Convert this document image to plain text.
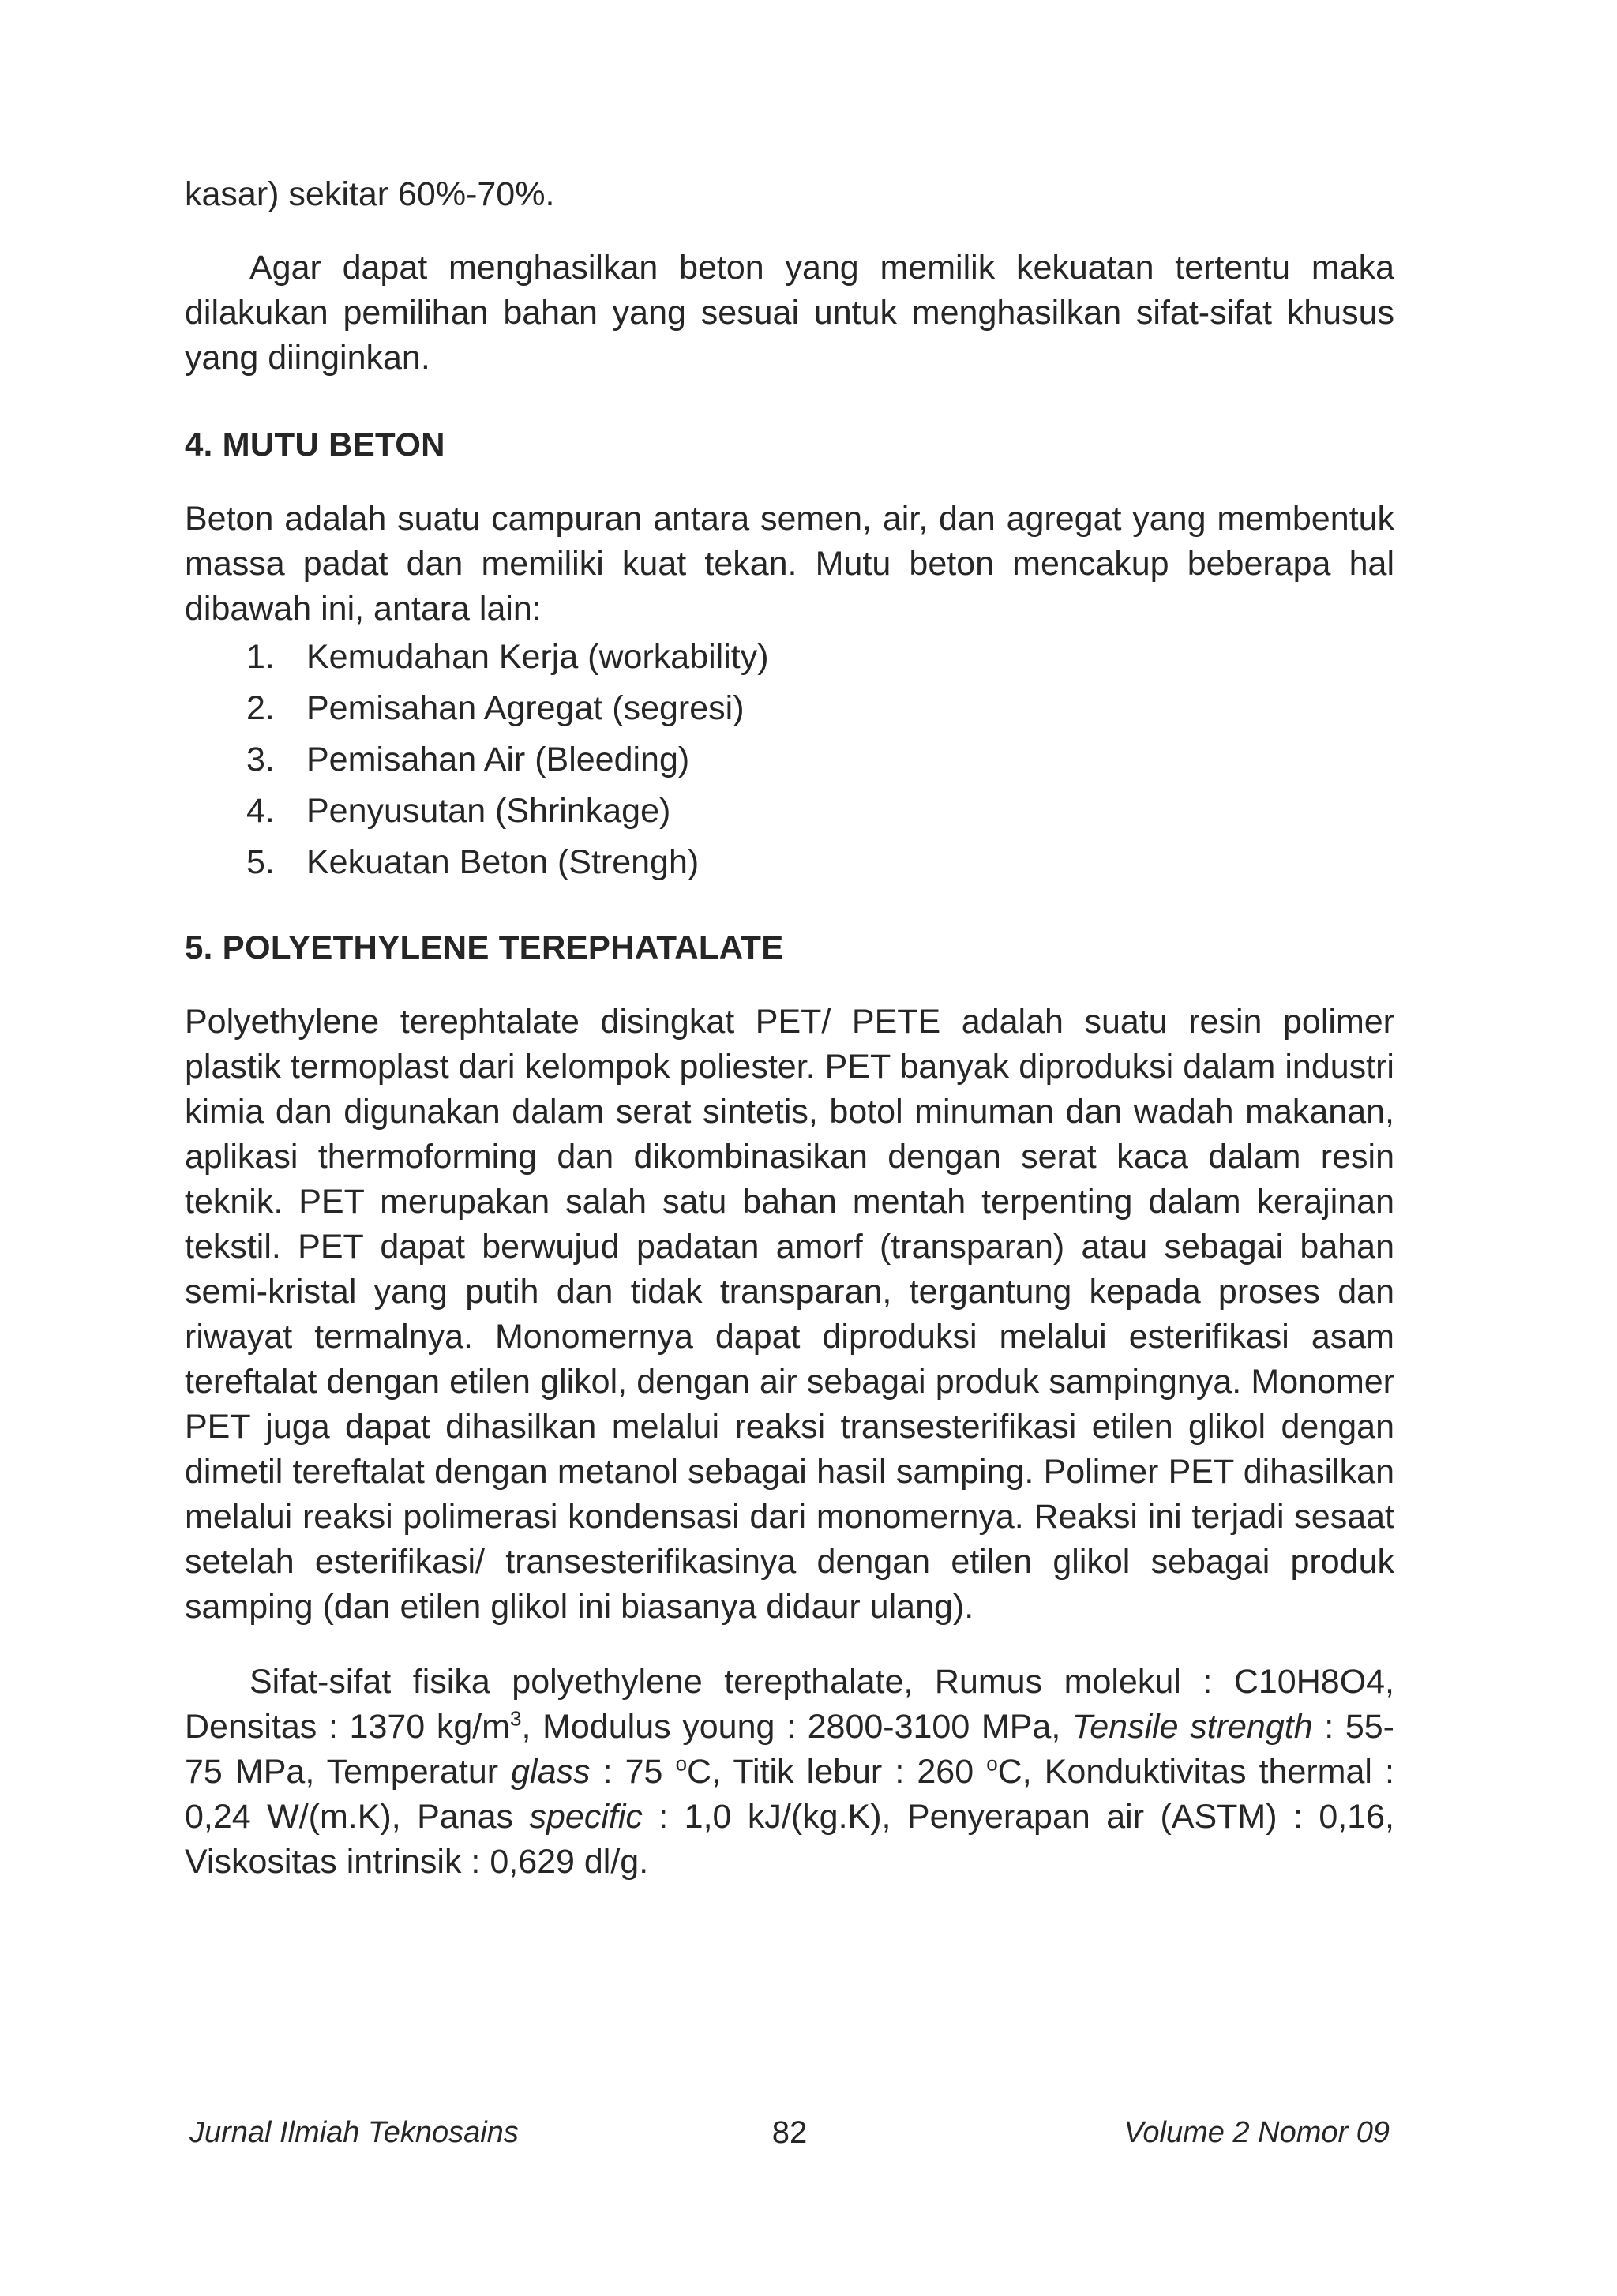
kasar) sekitar 60%-70%.

Agar dapat menghasilkan beton yang memilik kekuatan tertentu maka dilakukan pemilihan bahan yang sesuai untuk menghasilkan sifat-sifat khusus yang diinginkan.

4. MUTU BETON

Beton adalah suatu campuran antara semen, air, dan agregat yang membentuk massa padat dan memiliki kuat tekan. Mutu beton mencakup beberapa hal dibawah ini, antara lain:

1. Kemudahan Kerja (workability)
2. Pemisahan Agregat (segresi)
3. Pemisahan Air (Bleeding)
4. Penyusutan (Shrinkage)
5. Kekuatan Beton (Strengh)
5. POLYETHYLENE TEREPHATALATE

Polyethylene terephtalate disingkat PET/ PETE adalah suatu resin polimer plastik termoplast dari kelompok poliester. PET banyak diproduksi dalam industri kimia dan digunakan dalam serat sintetis, botol minuman dan wadah makanan, aplikasi thermoforming dan dikombinasikan dengan serat kaca dalam resin teknik. PET merupakan salah satu bahan mentah terpenting dalam kerajinan tekstil. PET dapat berwujud padatan amorf (transparan) atau sebagai bahan semi-kristal yang putih dan tidak transparan, tergantung kepada proses dan riwayat termalnya. Monomernya dapat diproduksi melalui esterifikasi asam tereftalat dengan etilen glikol, dengan air sebagai produk sampingnya. Monomer PET juga dapat dihasilkan melalui reaksi transesterifikasi etilen glikol dengan dimetil tereftalat dengan metanol sebagai hasil samping. Polimer PET dihasilkan melalui reaksi polimerasi kondensasi dari monomernya. Reaksi ini terjadi sesaat setelah esterifikasi/ transesterifikasinya dengan etilen glikol sebagai produk samping (dan etilen glikol ini biasanya didaur ulang).

Sifat-sifat fisika polyethylene terepthalate, Rumus molekul : C10H8O4, Densitas : 1370 $kg/m^3$, Modulus young : 2800-3100 MPa, Tensile strength : 55-75 MPa, Temperatur glass : 75 $^o$C, Titik lebur : 260 $^o$C, Konduktivitas thermal : 0,24 W/(m.K), Panas specific : 1,0 kJ/(kg.K), Penyerapan air (ASTM) : 0,16, Viskositas intrinsik : 0,629 dl/g.

Jurnal Ilmiah Teknosains	82	Volume 2 Nomor 09
